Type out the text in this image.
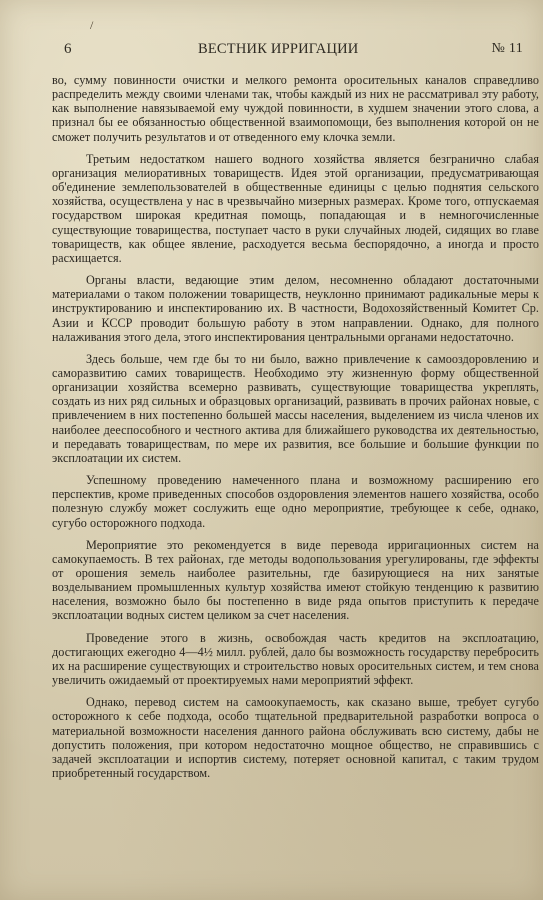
/
6	ВЕСТНИК ИРРИГАЦИИ	№ 11

во, сумму повинности очистки и мелкого ремонта оросительных каналов справедливо распределить между своими членами так, чтобы каждый из них не рассматривал эту работу, как выполнение навязываемой ему чуждой повинности, в худшем значении этого слова, а признал бы ее обязанностью общественной взаимопомощи, без выполнения которой он не сможет получить результатов и от отведенного ему клочка земли.

Третьим недостатком нашего водного хозяйства является безгранично слабая организация мелиоративных товариществ. Идея этой организации, предусматривающая об'единение землепользователей в общественные единицы с целью поднятия сельского хозяйства, осуществлена у нас в чрезвычайно мизерных размерах. Кроме того, отпускаемая государством широкая кредитная помощь, попадающая и в немногочисленные существующие товарищества, поступает часто в руки случайных людей, сидящих во главе товариществ, как общее явление, расходуется весьма беспорядочно, а иногда и просто расхищается.

Органы власти, ведающие этим делом, несомненно обладают достаточными материалами о таком положении товариществ, неуклонно принимают радикальные меры к инструктированию и инспектированию их. В частности, Водохозяйственный Комитет Ср. Азии и КССР проводит большую работу в этом направлении. Однако, для полного налаживания этого дела, этого инспектирования центральными органами недостаточно.

Здесь больше, чем где бы то ни было, важно привлечение к самооздоровлению и саморазвитию самих товариществ. Необходимо эту жизненную форму общественной организации хозяйства всемерно развивать, существующие товарищества укреплять, создать из них ряд сильных и образцовых организаций, развивать в прочих районах новые, с привлечением в них постепенно большей массы населения, выделением из числа членов их наиболее дееспособного и честного актива для ближайшего руководства их деятельностью, и передавать товариществам, по мере их развития, все большие и большие функции по эксплоатации их систем.

Успешному проведению намеченного плана и возможному расширению его перспектив, кроме приведенных способов оздоровления элементов нашего хозяйства, особо полезную службу может сослужить еще одно мероприятие, требующее к себе, однако, сугубо осторожного подхода.

Мероприятие это рекомендуется в виде перевода ирригационных систем на самокупаемость. В тех районах, где методы водопользования урегулированы, где эффекты от орошения земель наиболее разительны, где базирующиеся на них занятые возделыванием промышленных культур хозяйства имеют стойкую тенденцию к развитию населения, возможно было бы постепенно в виде ряда опытов приступить к передаче эксплоатации водных систем целиком за счет населения.

Проведение этого в жизнь, освобождая часть кредитов на эксплоатацию, достигающих ежегодно 4—4½ милл. рублей, дало бы возможность государству перебросить их на расширение существующих и строительство новых оросительных систем, и тем снова увеличить ожидаемый от проектируемых нами мероприятий эффект.

Однако, перевод систем на самоокупаемость, как сказано выше, требует сугубо осторожного к себе подхода, особо тщательной предварительной разработки вопроса о материальной возможности населения данного района обслуживать всю систему, дабы не допустить положения, при котором недостаточно мощное общество, не справившись с задачей эксплоатации и испортив систему, потеряет основной капитал, с таким трудом приобретенный государством.
